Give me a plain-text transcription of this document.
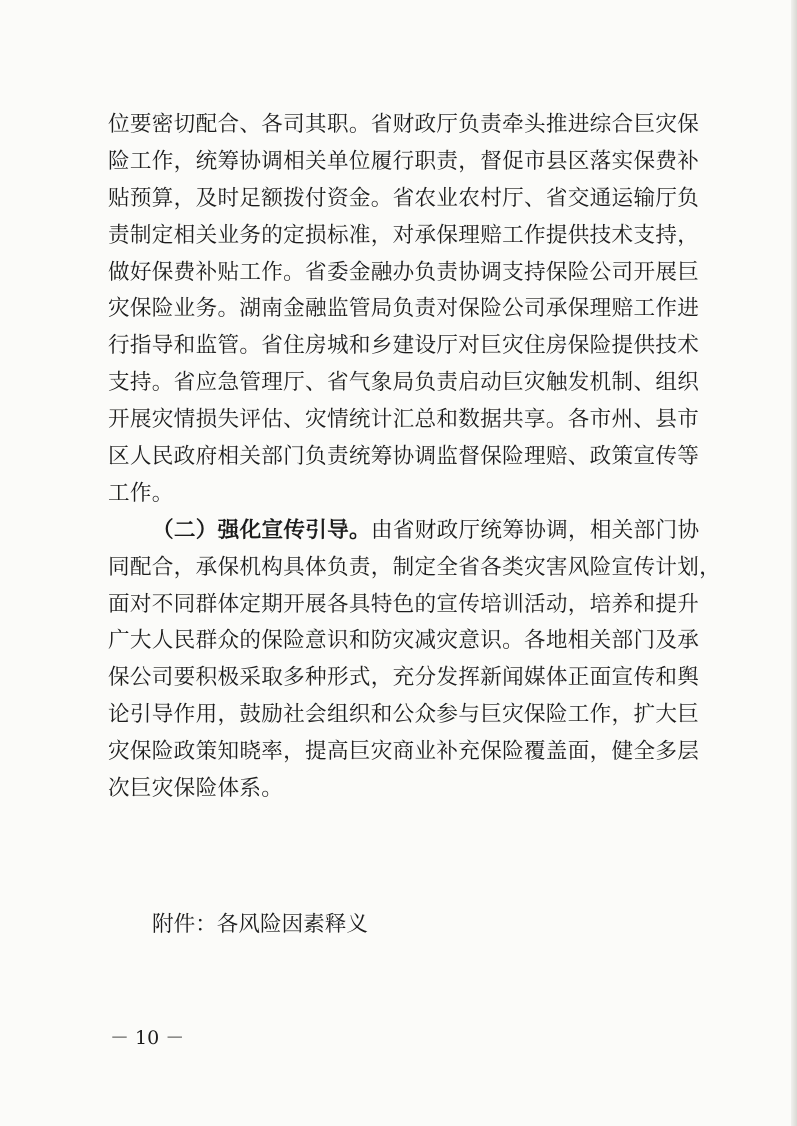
位要密切配合、各司其职。省财政厅负责牵头推进综合巨灾保
险工作，统筹协调相关单位履行职责，督促市县区落实保费补
贴预算，及时足额拨付资金。省农业农村厅、省交通运输厅负
责制定相关业务的定损标准，对承保理赔工作提供技术支持，
做好保费补贴工作。省委金融办负责协调支持保险公司开展巨
灾保险业务。湖南金融监管局负责对保险公司承保理赔工作进
行指导和监管。省住房城和乡建设厅对巨灾住房保险提供技术
支持。省应急管理厅、省气象局负责启动巨灾触发机制、组织
开展灾情损失评估、灾情统计汇总和数据共享。各市州、县市
区人民政府相关部门负责统筹协调监督保险理赔、政策宣传等
工作。
（二）强化宣传引导。由省财政厅统筹协调，相关部门协
同配合，承保机构具体负责，制定全省各类灾害风险宣传计划，
面对不同群体定期开展各具特色的宣传培训活动，培养和提升
广大人民群众的保险意识和防灾减灾意识。各地相关部门及承
保公司要积极采取多种形式，充分发挥新闻媒体正面宣传和舆
论引导作用，鼓励社会组织和公众参与巨灾保险工作，扩大巨
灾保险政策知晓率，提高巨灾商业补充保险覆盖面，健全多层
次巨灾保险体系。
附件：各风险因素释义
－ 10 －
